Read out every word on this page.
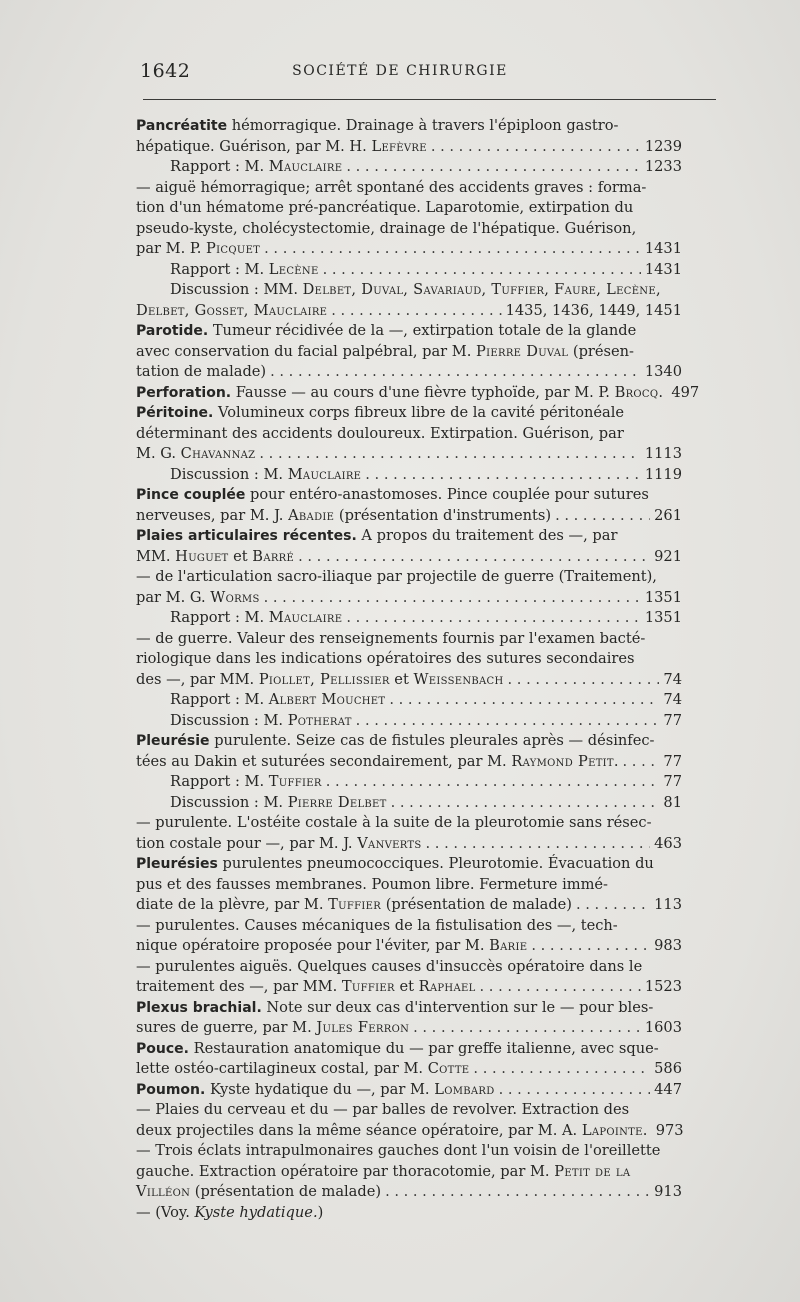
1642	SOCIÉTÉ DE CHIRURGIE
Pancréatite hémorragique. Drainage à travers l'épiploon gastro-
hépatique. Guérison, par M. H. Lefèvre . . .	1239
Rapport : M. Mauclaire . . .	1233
— aiguë hémorragique; arrêt spontané des accidents graves : forma-
tion d'un hématome pré-pancréatique. Laparotomie, extirpation du
pseudo-kyste, cholécystectomie, drainage de l'hépatique. Guérison,
par M. P. Picquet . . .	1431
Rapport : M. Lecène . . .	1431
Discussion : MM. Delbet, Duval, Savariaud, Tuffier, Faure, Lecène,
Delbet, Gosset, Mauclaire . . .	1435, 1436, 1449, 1451
Parotide. Tumeur récidivée de la —, extirpation totale de la glande
avec conservation du facial palpébral, par M. Pierre Duval (présen-
tation de malade) . . .	1340
Perforation. Fausse — au cours d'une fièvre typhoïde, par M. P. Brocq. 497
Péritoine. Volumineux corps fibreux libre de la cavité péritonéale
déterminant des accidents douloureux. Extirpation. Guérison, par
M. G. Chavannaz . . .	1113
Discussion : M. Mauclaire . . .	1119
Pince couplée pour entéro-anastomoses. Pince couplée pour sutures
nerveuses, par M. J. Abadie (présentation d'instruments) . . .	261
Plaies articulaires récentes. A propos du traitement des —, par
MM. Huguet et Barré . . .	921
— de l'articulation sacro-iliaque par projectile de guerre (Traitement),
par M. G. Worms . . .	1351
Rapport : M. Mauclaire . . .	1351
— de guerre. Valeur des renseignements fournis par l'examen bacté-
riologique dans les indications opératoires des sutures secondaires
des —, par MM. Piollet, Pellissier et Weissenbach . . .	74
Rapport : M. Albert Mouchet . . .	74
Discussion : M. Potherat . . .	77
Pleurésie purulente. Seize cas de fistules pleurales après — désinfec-
tées au Dakin et suturées secondairement, par M. Raymond Petit. . . .	77
Rapport : M. Tuffier . . .	77
Discussion : M. Pierre Delbet . . .	81
— purulente. L'ostéite costale à la suite de la pleurotomie sans résec-
tion costale pour —, par M. J. Vanverts . . .	463
Pleurésies purulentes pneumococciques. Pleurotomie. Évacuation du
pus et des fausses membranes. Poumon libre. Fermeture immé-
diate de la plèvre, par M. Tuffier (présentation de malade) . . .	113
— purulentes. Causes mécaniques de la fistulisation des —, tech-
nique opératoire proposée pour l'éviter, par M. Barie . . .	983
— purulentes aiguës. Quelques causes d'insuccès opératoire dans le
traitement des —, par MM. Tuffier et Raphael . . .	1523
Plexus brachial. Note sur deux cas d'intervention sur le — pour bles-
sures de guerre, par M. Jules Ferron . . .	1603
Pouce. Restauration anatomique du — par greffe italienne, avec sque-
lette ostéo-cartilagineux costal, par M. Cotte . . .	586
Poumon. Kyste hydatique du —, par M. Lombard . . .	447
— Plaies du cerveau et du — par balles de revolver. Extraction des
deux projectiles dans la même séance opératoire, par M. A. Lapointe. 973
— Trois éclats intrapulmonaires gauches dont l'un voisin de l'oreillette
gauche. Extraction opératoire par thoracotomie, par M. Petit de la
Villéon (présentation de malade) . . .	913
— (Voy. Kyste hydatique.)
